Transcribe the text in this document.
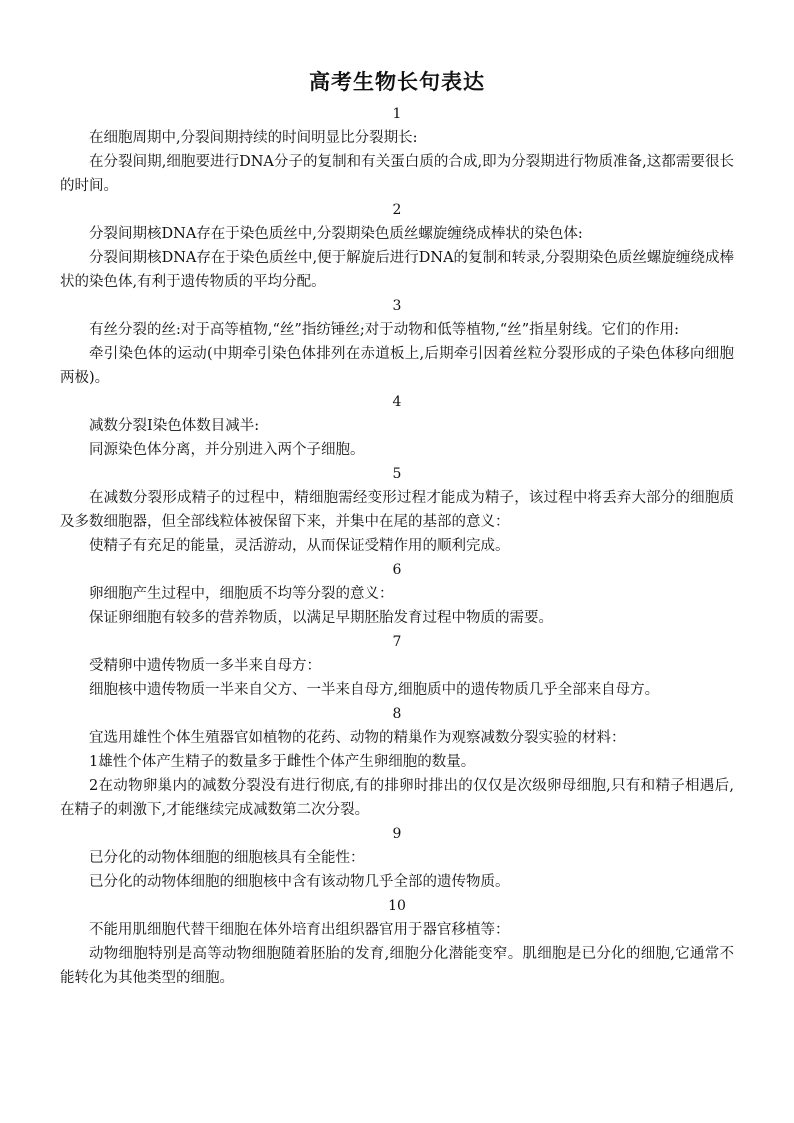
高考生物长句表达
1

在细胞周期中,分裂间期持续的时间明显比分裂期长:

在分裂间期,细胞要进行DNA分子的复制和有关蛋白质的合成,即为分裂期进行物质准备,这都需要很长的时间。

2

分裂间期核DNA存在于染色质丝中,分裂期染色质丝螺旋缠绕成棒状的染色体:

分裂间期核DNA存在于染色质丝中,便于解旋后进行DNA的复制和转录,分裂期染色质丝螺旋缠绕成棒状的染色体,有利于遗传物质的平均分配。

3

有丝分裂的丝:对于高等植物,“丝”指纺锤丝;对于动物和低等植物,“丝”指星射线。它们的作用:

牵引染色体的运动(中期牵引染色体排列在赤道板上,后期牵引因着丝粒分裂形成的子染色体移向细胞两极)。

4

减数分裂Ⅰ染色体数目减半:

同源染色体分离，并分别进入两个子细胞。

5

在减数分裂形成精子的过程中，精细胞需经变形过程才能成为精子，该过程中将丢弃大部分的细胞质及多数细胞器，但全部线粒体被保留下来，并集中在尾的基部的意义：

使精子有充足的能量，灵活游动，从而保证受精作用的顺利完成。

6

卵细胞产生过程中，细胞质不均等分裂的意义：

保证卵细胞有较多的营养物质，以满足早期胚胎发育过程中物质的需要。

7

受精卵中遗传物质一多半来自母方：

细胞核中遗传物质一半来自父方、一半来自母方,细胞质中的遗传物质几乎全部来自母方。

8

宜选用雄性个体生殖器官如植物的花药、动物的精巢作为观察减数分裂实验的材料：

1雄性个体产生精子的数量多于雌性个体产生卵细胞的数量。

2在动物卵巢内的减数分裂没有进行彻底,有的排卵时排出的仅仅是次级卵母细胞,只有和精子相遇后,在精子的刺激下,才能继续完成减数第二次分裂。

9

已分化的动物体细胞的细胞核具有全能性：

已分化的动物体细胞的细胞核中含有该动物几乎全部的遗传物质。

10

不能用肌细胞代替干细胞在体外培育出组织器官用于器官移植等：

动物细胞特别是高等动物细胞随着胚胎的发育,细胞分化潜能变窄。肌细胞是已分化的细胞,它通常不能转化为其他类型的细胞。
